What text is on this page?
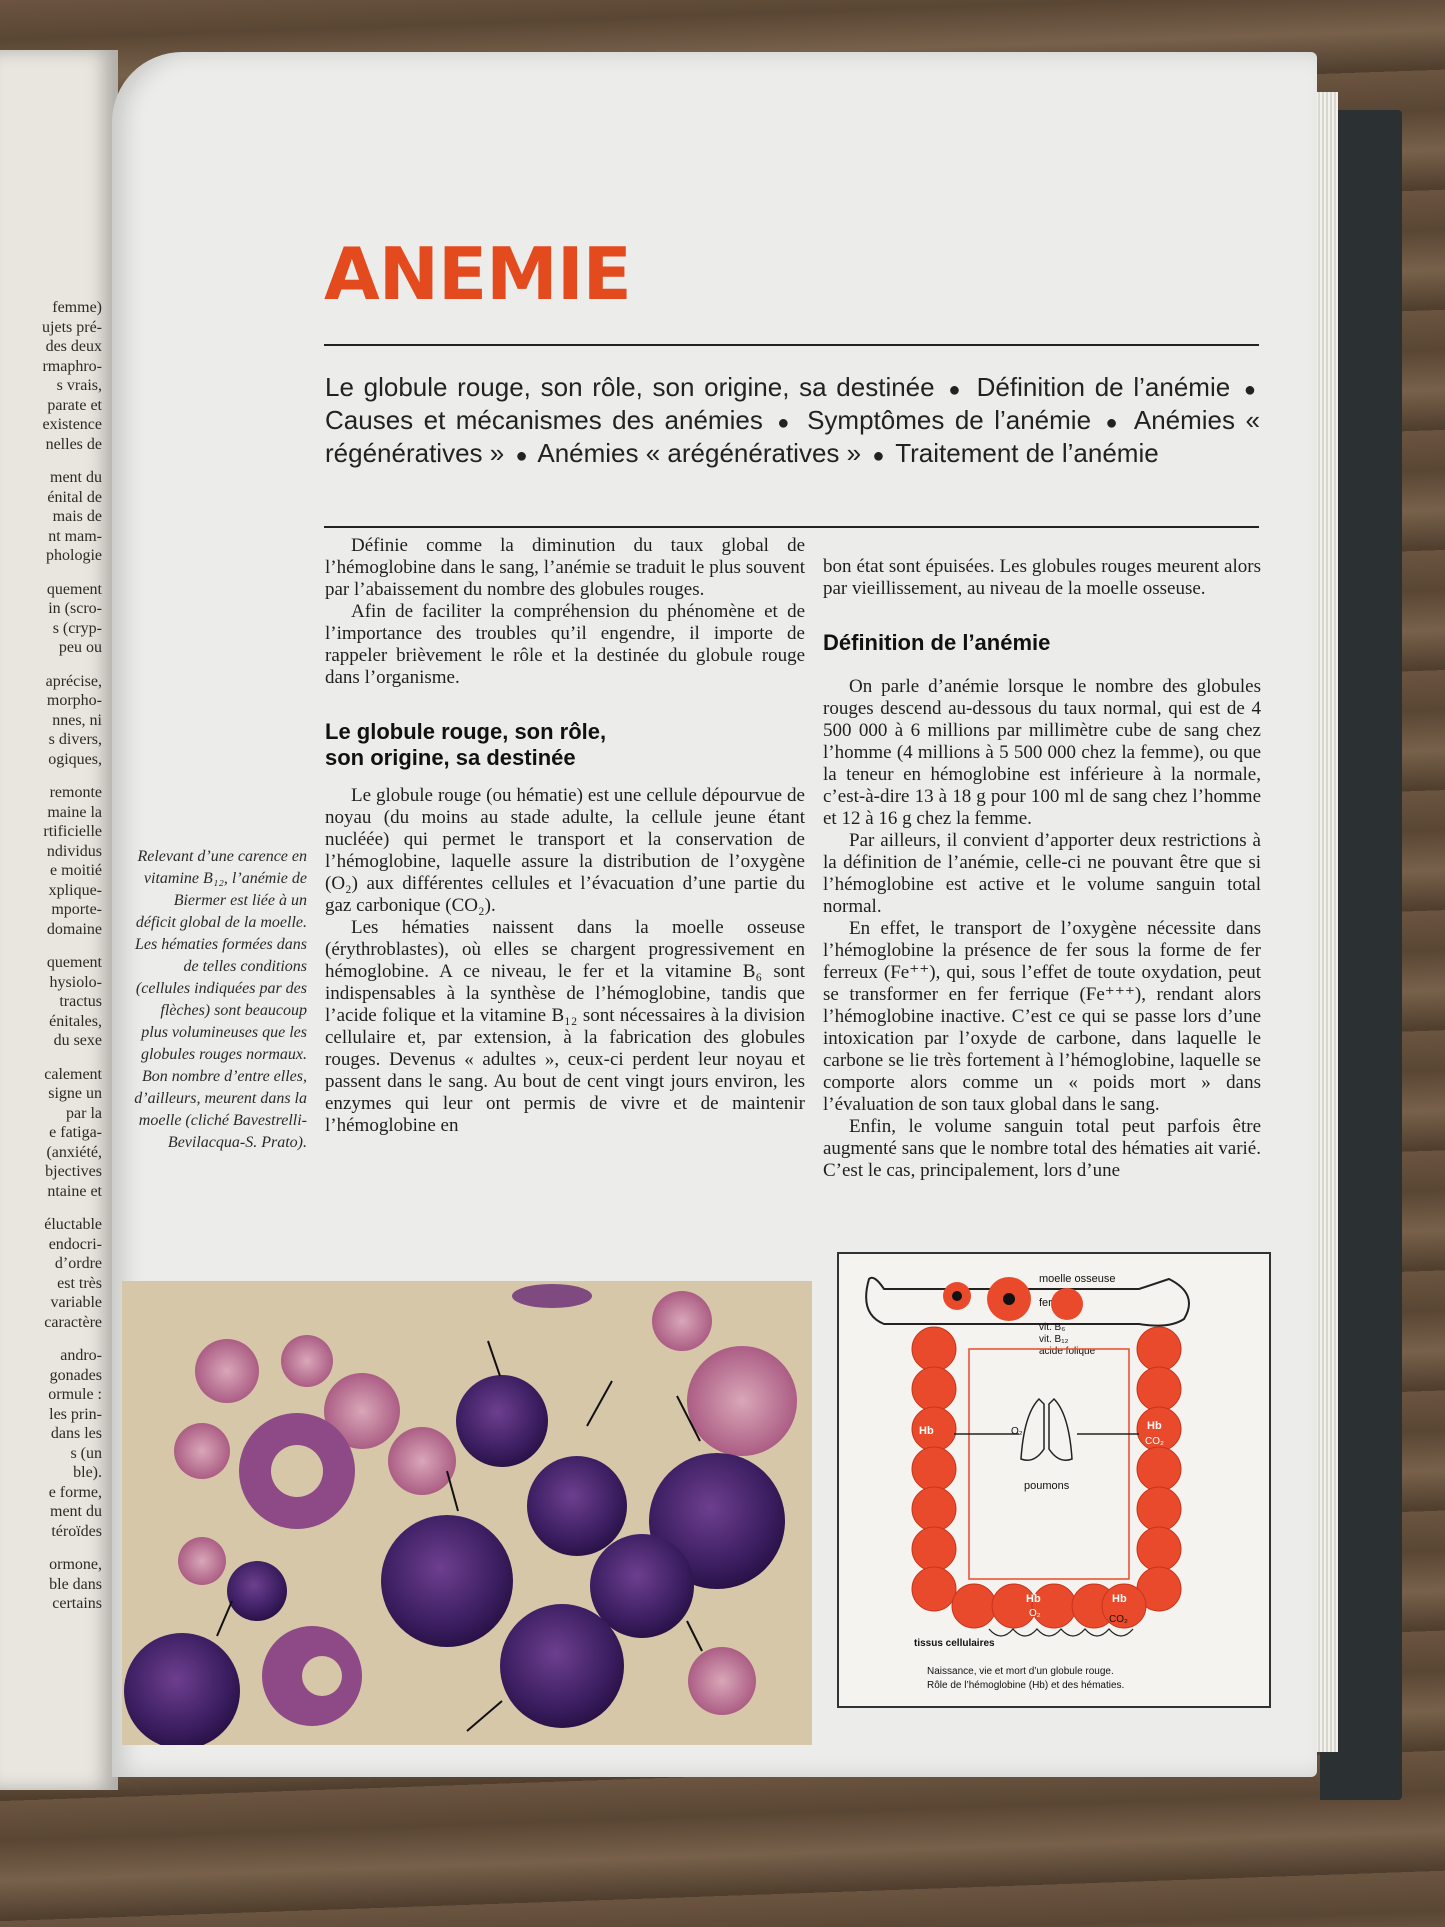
femme)
ujets pré-
des deux
rmaphro-
s vrais,
parate et
existence
nelles de
ment du
énital de
mais de
nt mam-
phologie
quement
in (scro-
s (cryp-
peu ou
aprécise,
morpho-
nnes, ni
s divers,
ogiques,
remonte
maine la
rtificielle
ndividus
e moitié
xplique-
mporte-
domaine
quement
hysiolo-
tractus
énitales,
du sexe
calement
signe un
par la
e fatiga-
(anxiété,
bjectives
ntaine et
éluctable
endocri-
d’ordre
est très
variable
caractère
andro-
gonades
ormule :
les prin-
dans les
s (un
ble).
e forme,
ment du
téroïdes
ormone,
ble dans
certains
ANEMIE
Le globule rouge, son rôle, son origine, sa destinée ● Définition de l’anémie ● Causes et mécanismes des anémies ● Symptômes de l’anémie ● Anémies « régénératives » ● Anémies « arégénératives » ● Traitement de l’anémie

Définie comme la diminution du taux global de l’hémoglobine dans le sang, l’anémie se traduit le plus souvent par l’abaissement du nombre des globules rouges.

Afin de faciliter la compréhension du phénomène et de l’importance des troubles qu’il engendre, il importe de rappeler brièvement le rôle et la destinée du globule rouge dans l’organisme.

Le globule rouge, son rôle,
son origine, sa destinée

Le globule rouge (ou hématie) est une cellule dépourvue de noyau (du moins au stade adulte, la cellule jeune étant nucléée) qui permet le transport et la conservation de l’hémoglobine, laquelle assure la distribution de l’oxygène (O₂) aux différentes cellules et l’évacuation d’une partie du gaz carbonique (CO₂).

Les hématies naissent dans la moelle osseuse (érythroblastes), où elles se chargent progressivement en hémoglobine. A ce niveau, le fer et la vitamine B₆ sont indispensables à la synthèse de l’hémoglobine, tandis que l’acide folique et la vitamine B₁₂ sont nécessaires à la division cellulaire et, par extension, à la fabrication des globules rouges. Devenus « adultes », ceux-ci perdent leur noyau et passent dans le sang. Au bout de cent vingt jours environ, les enzymes qui leur ont permis de vivre et de maintenir l’hémoglobine en

bon état sont épuisées. Les globules rouges meurent alors par vieillissement, au niveau de la moelle osseuse.

Définition de l’anémie

On parle d’anémie lorsque le nombre des globules rouges descend au-dessous du taux normal, qui est de 4 500 000 à 6 millions par millimètre cube de sang chez l’homme (4 millions à 5 500 000 chez la femme), ou que la teneur en hémoglobine est inférieure à la normale, c’est-à-dire 13 à 18 g pour 100 ml de sang chez l’homme et 12 à 16 g chez la femme.

Par ailleurs, il convient d’apporter deux restrictions à la définition de l’anémie, celle-ci ne pouvant être que si l’hémoglobine est active et le volume sanguin total normal.

En effet, le transport de l’oxygène nécessite dans l’hémoglobine la présence de fer sous la forme de fer ferreux (Fe⁺⁺), qui, sous l’effet de toute oxydation, peut se transformer en fer ferrique (Fe⁺⁺⁺), rendant alors l’hémoglobine inactive. C’est ce qui se passe lors d’une intoxication par l’oxyde de carbone, dans laquelle le carbone se lie très fortement à l’hémoglobine, laquelle se comporte alors comme un « poids mort » dans l’évaluation de son taux global dans le sang.

Enfin, le volume sanguin total peut parfois être augmenté sans que le nombre total des hématies ait varié. C’est le cas, principalement, lors d’une

Relevant d’une carence en vitamine B₁₂, l’anémie de Biermer est liée à un déficit global de la moelle. Les hématies formées dans de telles conditions (cellules indiquées par des flèches) sont beaucoup plus volumineuses que les globules rouges normaux. Bon nombre d’entre elles, d’ailleurs, meurent dans la moelle (cliché Bavestrelli-Bevilacqua-S. Prato).
moelle osseuse
fer
vit. B₆
vit. B₁₂
acide folique
Hb	Hb
CO₂
O₂
poumons
Hb
O₂
Hb
CO₂
tissus cellulaires
Naissance, vie et mort d’un globule rouge.
Rôle de l’hémoglobine (Hb) et des hématies.
